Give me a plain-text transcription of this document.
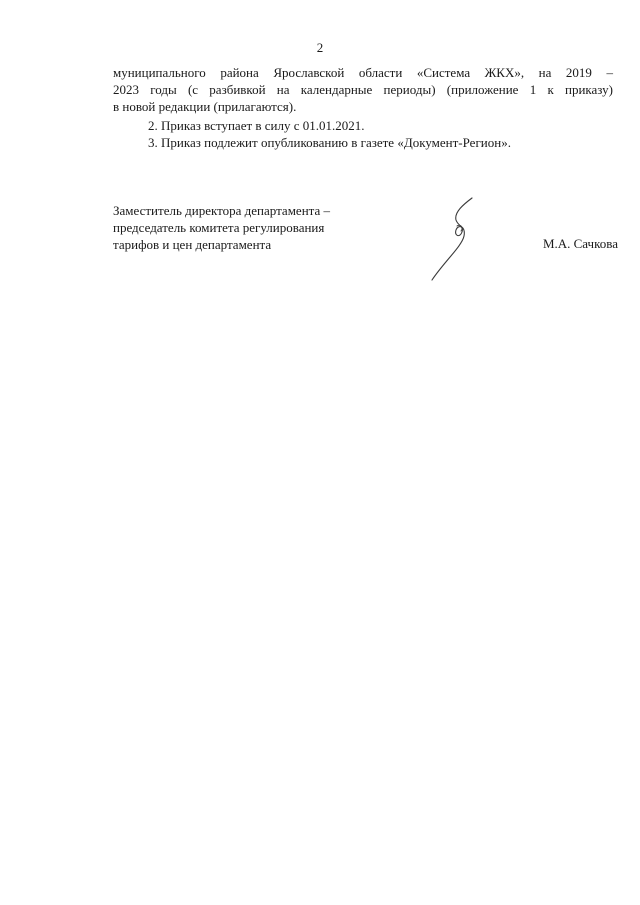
2
муниципального района Ярославской области «Система ЖКХ», на 2019 –
2023 годы (с разбивкой на календарные периоды) (приложение 1 к приказу)
в новой редакции (прилагаются).
2. Приказ вступает в силу с 01.01.2021.
3. Приказ подлежит опубликованию в газете «Документ-Регион».
Заместитель директора департамента –
председатель комитета регулирования
тарифов и цен департамента	М.А. Сачкова
